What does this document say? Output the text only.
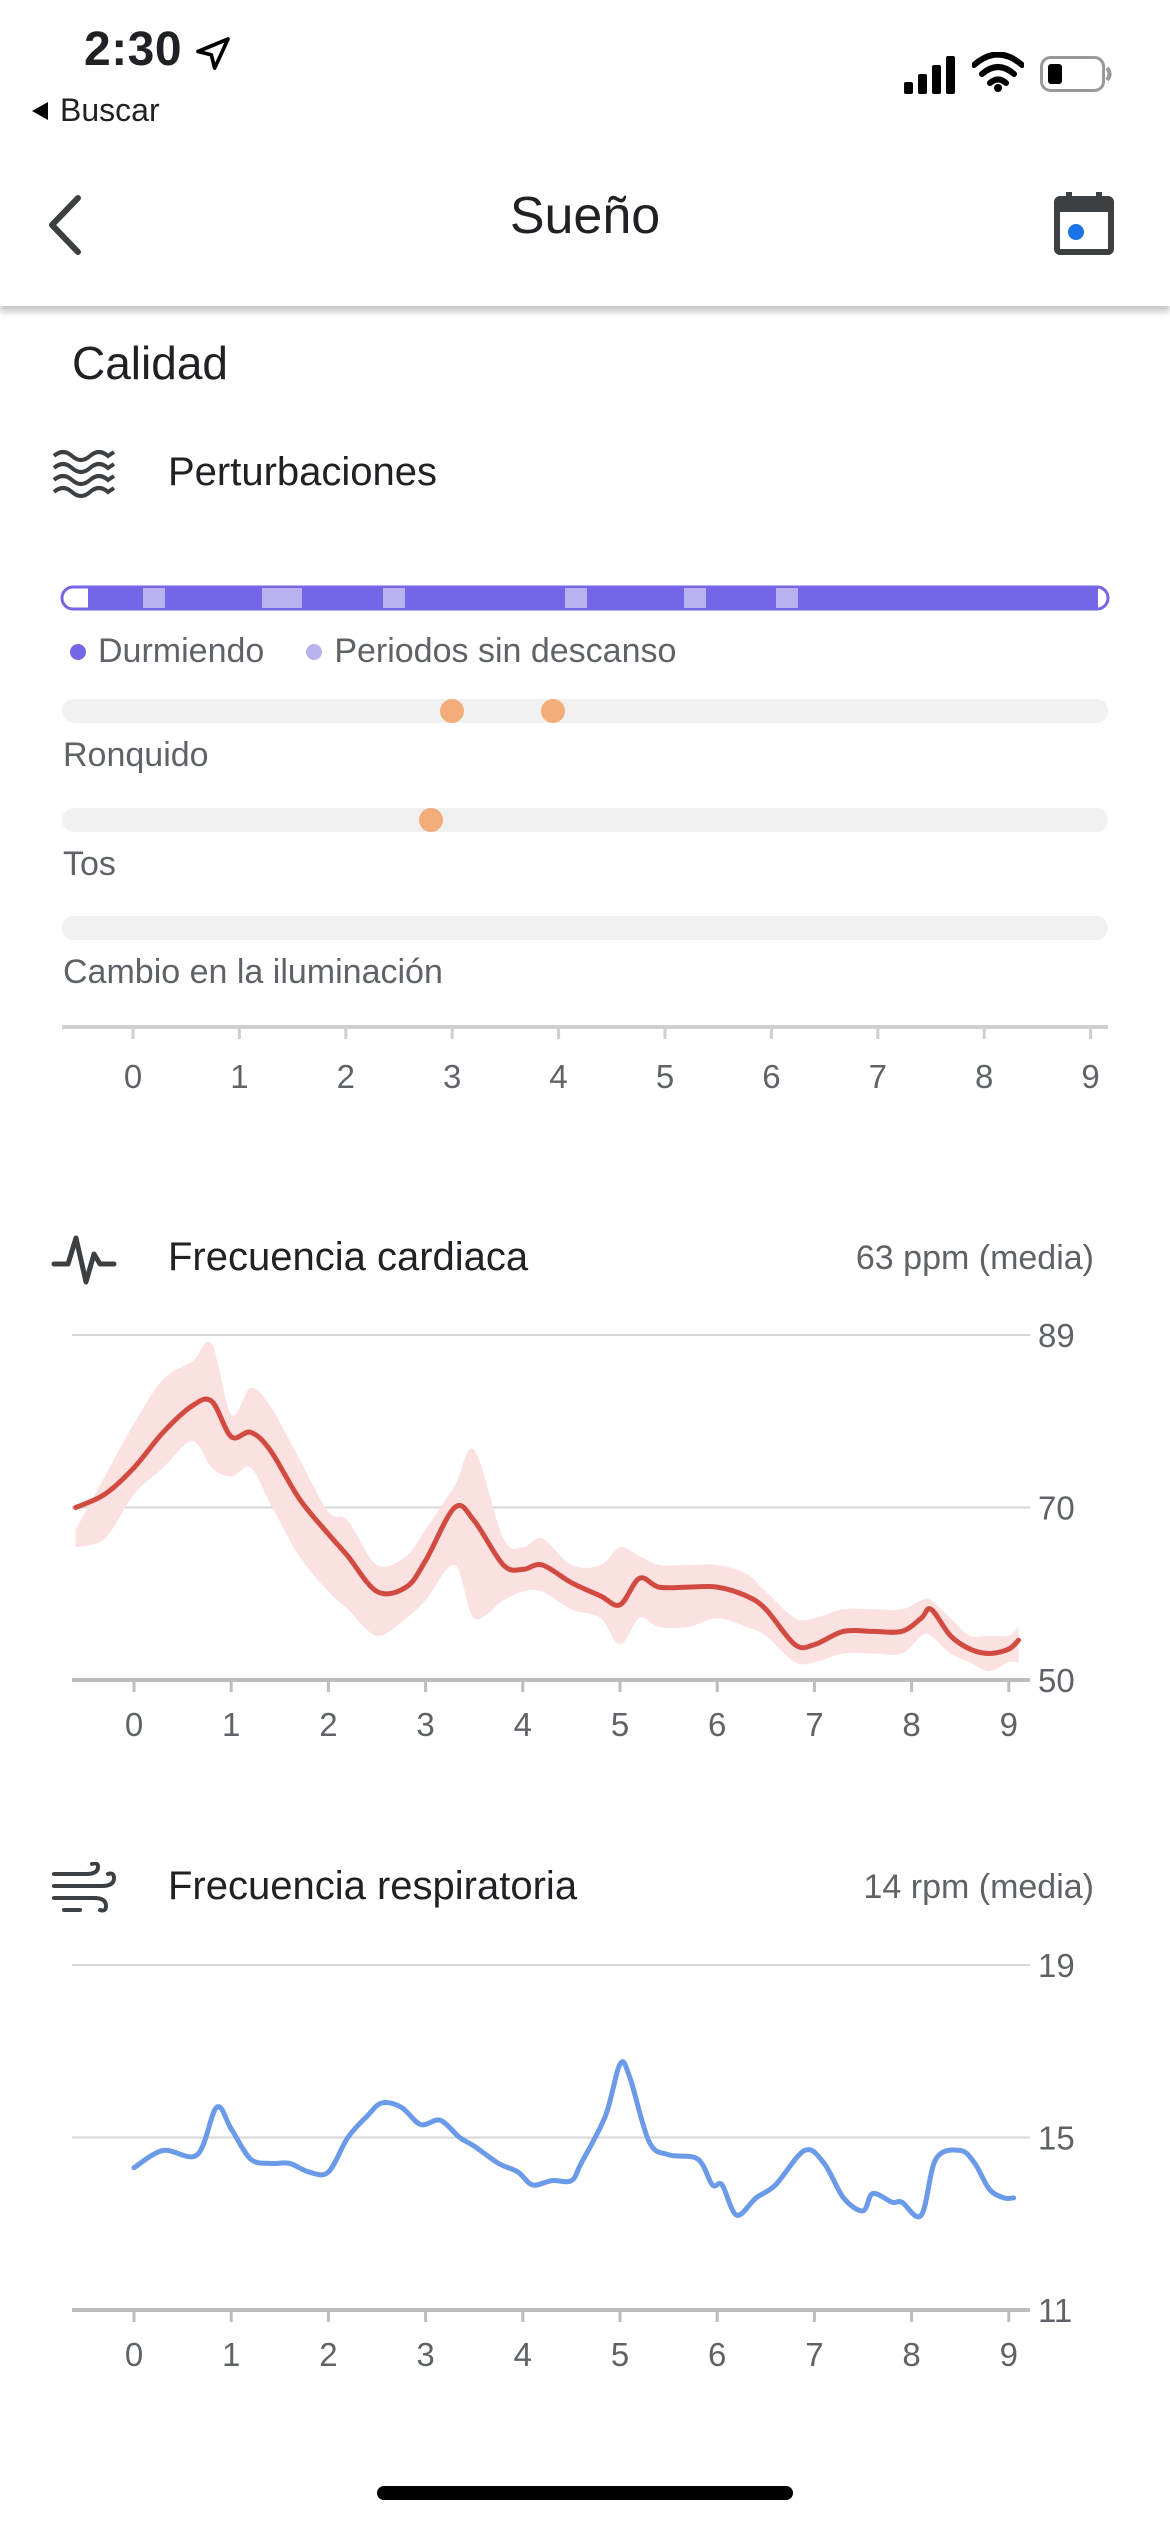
2:30
Buscar
Sueño
Calidad
Perturbaciones
Durmiendo Periodos sin descanso
Ronquido
Tos
Cambio en la iluminación
0	1	2	3	4	5	6	7	8	9
Frecuencia cardiaca	63 ppm (media)
89
70
50
0 1 2 3 4 5 6 7 8 9
Frecuencia respiratoria	14 rpm (media)
19
15
11
0 1 2 3 4 5 6 7 8 9
